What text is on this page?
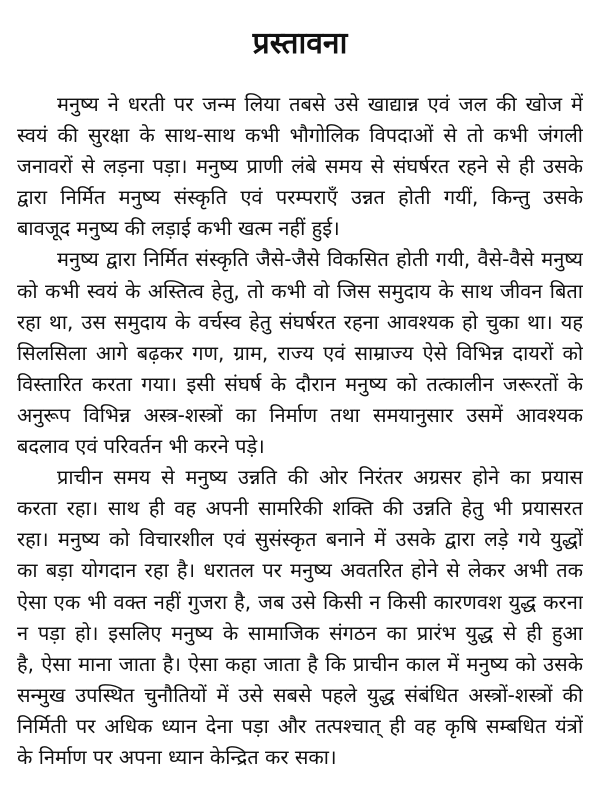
प्रस्तावना
मनुष्य ने धरती पर जन्म लिया तबसे उसे खाद्यान्न एवं जल की खोज में
स्वयं की सुरक्षा के साथ-साथ कभी भौगोलिक विपदाओं से तो कभी जंगली
जनावरों से लड़ना पड़ा। मनुष्य प्राणी लंबे समय से संघर्षरत रहने से ही उसके
द्वारा निर्मित मनुष्य संस्कृति एवं परम्पराएँ उन्नत होती गयीं, किन्तु उसके
बावजूद मनुष्य की लड़ाई कभी खत्म नहीं हुई।
मनुष्य द्वारा निर्मित संस्कृति जैसे-जैसे विकसित होती गयी, वैसे-वैसे मनुष्य
को कभी स्वयं के अस्तित्व हेतु, तो कभी वो जिस समुदाय के साथ जीवन बिता
रहा था, उस समुदाय के वर्चस्व हेतु संघर्षरत रहना आवश्यक हो चुका था। यह
सिलसिला आगे बढ़कर गण, ग्राम, राज्य एवं साम्राज्य ऐसे विभिन्न दायरों को
विस्तारित करता गया। इसी संघर्ष के दौरान मनुष्य को तत्कालीन जरूरतों के
अनुरूप विभिन्न अस्त्र-शस्त्रों का निर्माण तथा समयानुसार उसमें आवश्यक
बदलाव एवं परिवर्तन भी करने पड़े।
प्राचीन समय से मनुष्य उन्नति की ओर निरंतर अग्रसर होने का प्रयास
करता रहा। साथ ही वह अपनी सामरिकी शक्ति की उन्नति हेतु भी प्रयासरत
रहा। मनुष्य को विचारशील एवं सुसंस्कृत बनाने में उसके द्वारा लड़े गये युद्धों
का बड़ा योगदान रहा है। धरातल पर मनुष्य अवतरित होने से लेकर अभी तक
ऐसा एक भी वक्त नहीं गुजरा है, जब उसे किसी न किसी कारणवश युद्ध करना
न पड़ा हो। इसलिए मनुष्य के सामाजिक संगठन का प्रारंभ युद्ध से ही हुआ
है, ऐसा माना जाता है। ऐसा कहा जाता है कि प्राचीन काल में मनुष्य को उसके
सन्मुख उपस्थित चुनौतियों में उसे सबसे पहले युद्ध संबंधित अस्त्रों-शस्त्रों की
निर्मिती पर अधिक ध्यान देना पड़ा और तत्पश्चात् ही वह कृषि सम्बधित यंत्रों
के निर्माण पर अपना ध्यान केन्द्रित कर सका।
